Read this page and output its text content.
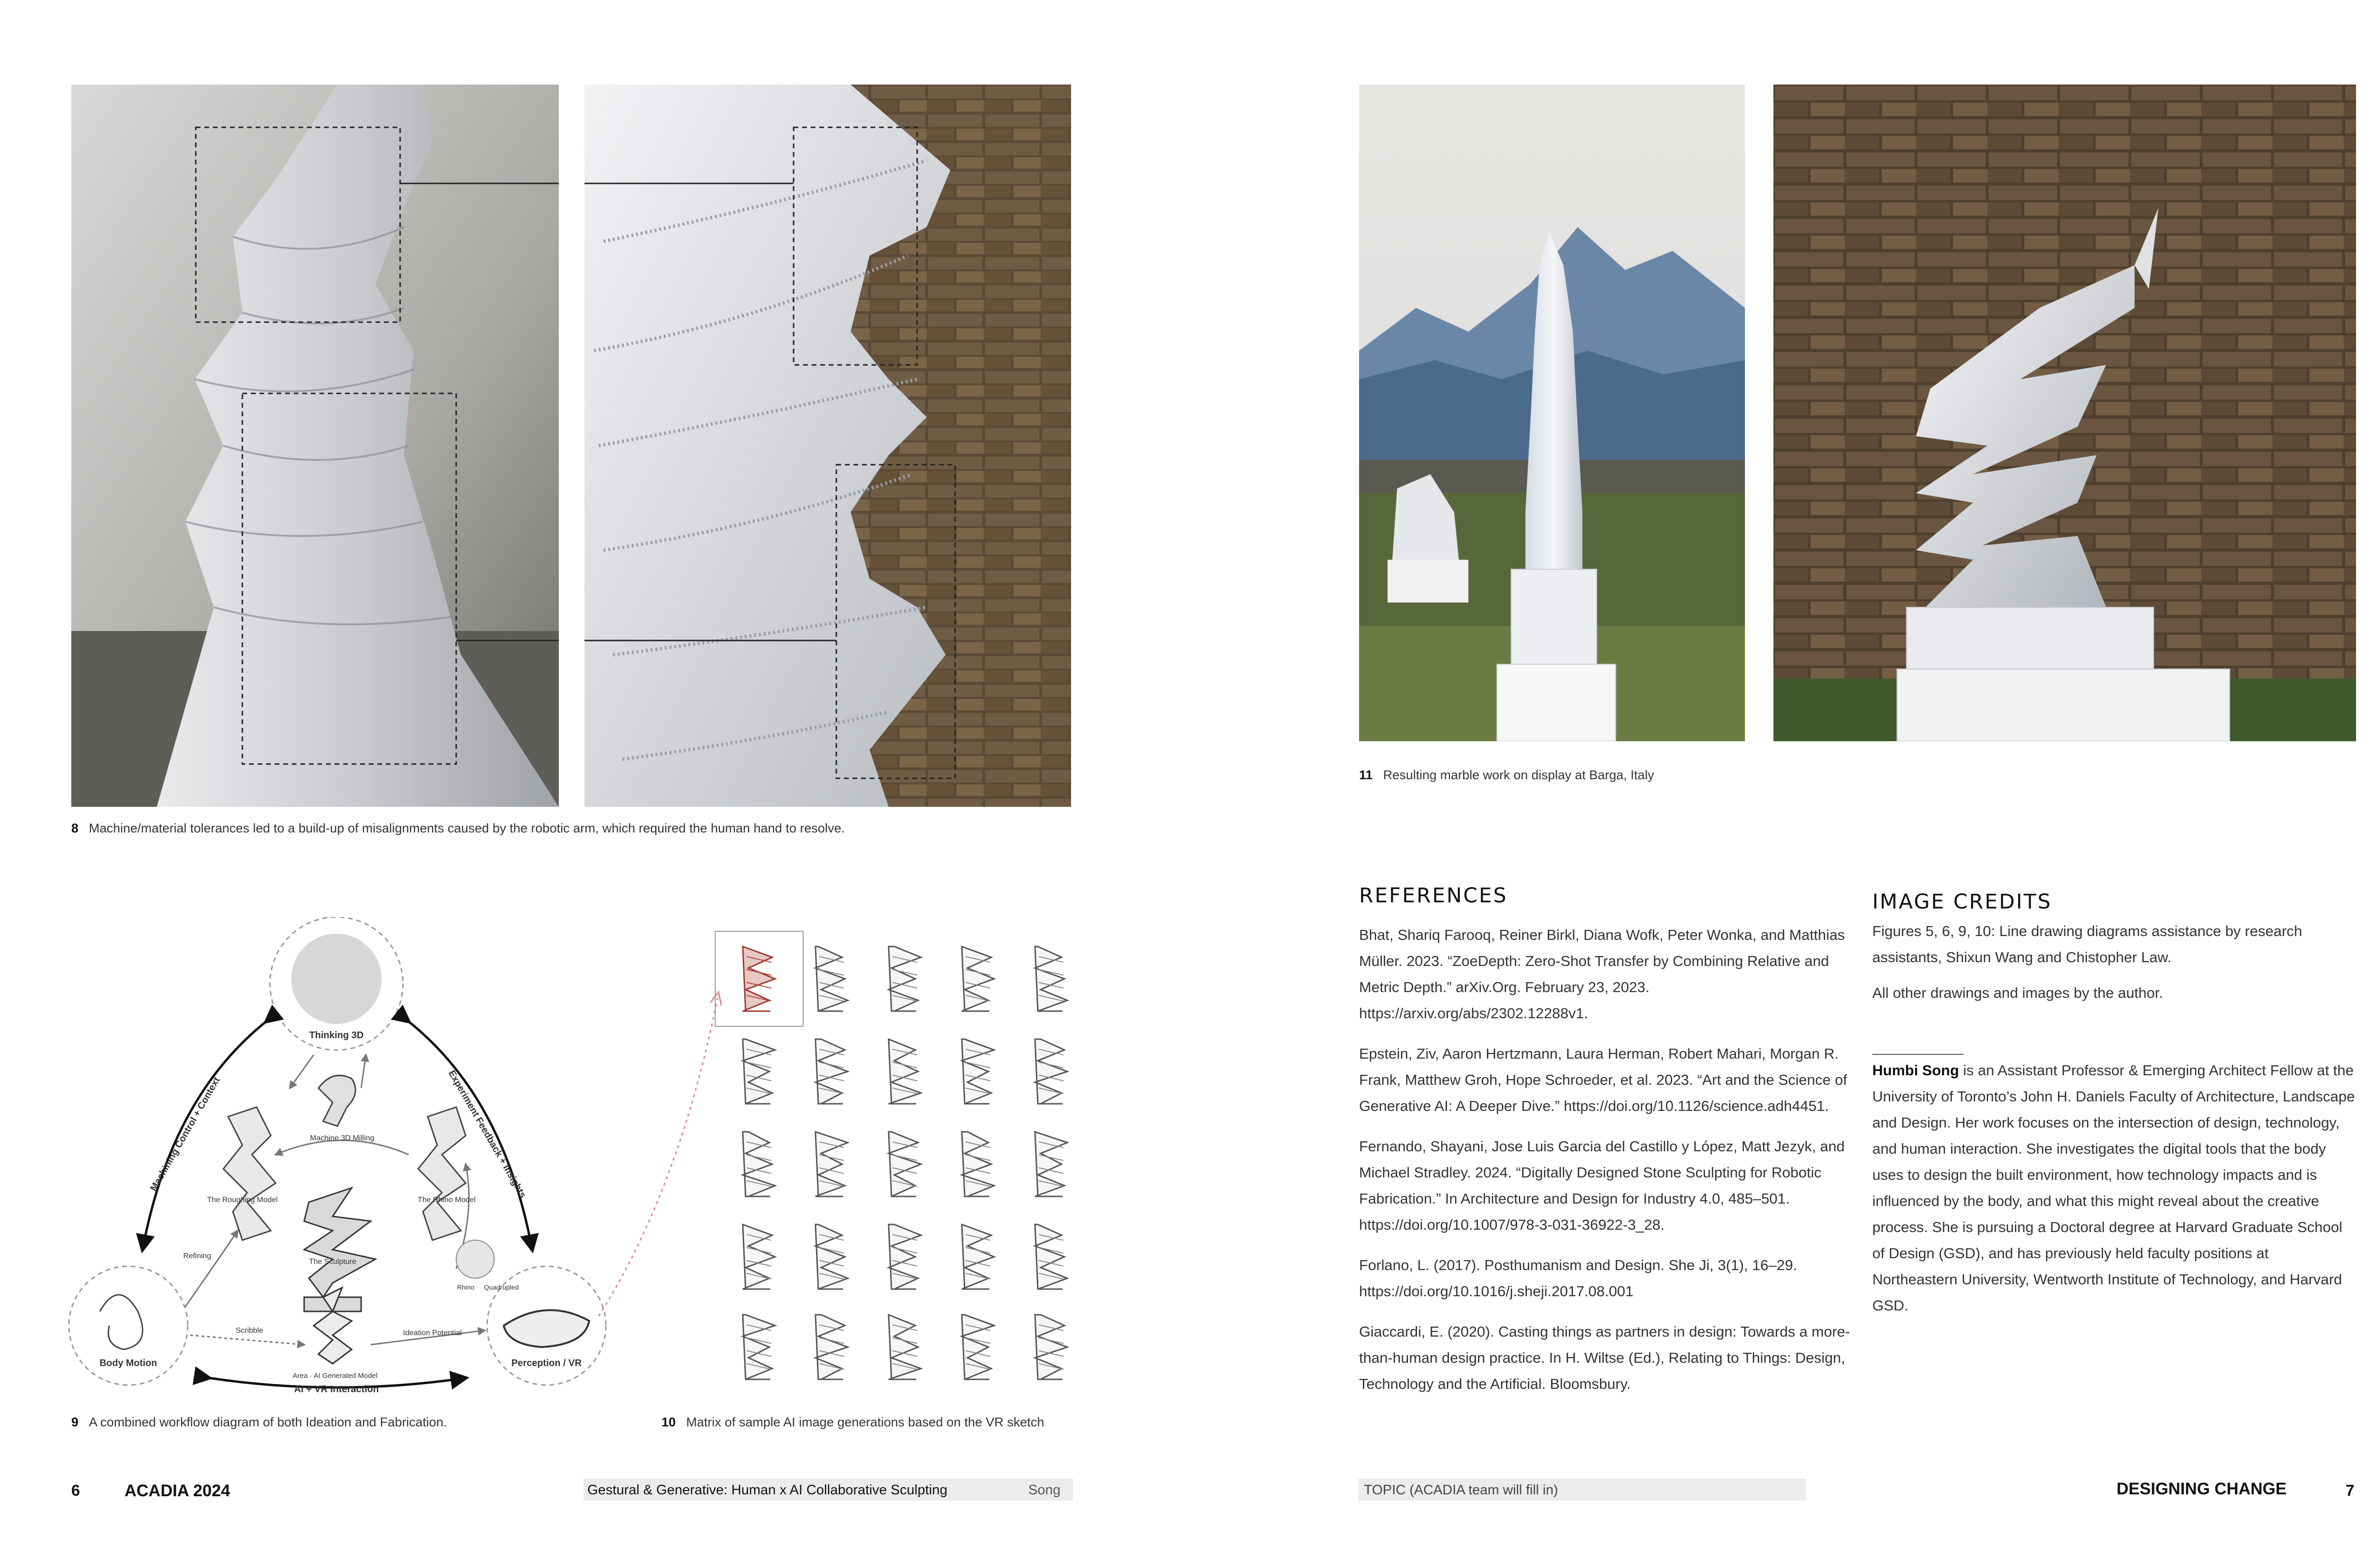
8 Machine/material tolerances led to a build-up of misalignments caused by the robotic arm, which required the human hand to resolve.
Thinking 3D
Body Motion	Perception / VR
AI + VR Interaction
Machining Control + Context	Experiment Feedback + Insights
Machine 3D Milling
The Roughing Model	The Rhino Model
The Sculpture
Area · AI Generated Model
Refining
Scribble	Ideation Potential
Rhino Quadrupled
9 A combined workflow diagram of both Ideation and Fabrication.	10 Matrix of sample AI image generations based on the VR sketch
11 Resulting marble work on display at Barga, Italy
REFERENCES

Bhat, Shariq Farooq, Reiner Birkl, Diana Wofk, Peter Wonka, and Matthias Müller. 2023. “ZoeDepth: Zero-Shot Transfer by Combining Relative and Metric Depth.” arXiv.Org. February 23, 2023. https://arxiv.org/abs/2302.12288v1.

Epstein, Ziv, Aaron Hertzmann, Laura Herman, Robert Mahari, Morgan R. Frank, Matthew Groh, Hope Schroeder, et al. 2023. “Art and the Science of Generative AI: A Deeper Dive.” https://doi.org/10.1126/science.adh4451.

Fernando, Shayani, Jose Luis Garcia del Castillo y López, Matt Jezyk, and Michael Stradley. 2024. “Digitally Designed Stone Sculpting for Robotic Fabrication.” In Architecture and Design for Industry 4.0, 485–501. https://doi.org/10.1007/978-3-031-36922-3_28.

Forlano, L. (2017). Posthumanism and Design. She Ji, 3(1), 16–29. https://doi.org/10.1016/j.sheji.2017.08.001

Giaccardi, E. (2020). Casting things as partners in design: Towards a more-than-human design practice. In H. Wiltse (Ed.), Relating to Things: Design, Technology and the Artificial. Bloomsbury.

IMAGE CREDITS

Figures 5, 6, 9, 10: Line drawing diagrams assistance by research assistants, Shixun Wang and Chistopher Law.

All other drawings and images by the author.

Humbi Song is an Assistant Professor & Emerging Architect Fellow at the University of Toronto’s John H. Daniels Faculty of Architecture, Landscape and Design. Her work focuses on the intersection of design, technology, and human interaction. She investigates the digital tools that the body uses to design the built environment, how technology impacts and is influenced by the body, and what this might reveal about the creative process. She is pursuing a Doctoral degree at Harvard Graduate School of Design (GSD), and has previously held faculty positions at Northeastern University, Wentworth Institute of Technology, and Harvard GSD.

6	ACADIA 2024	Gestural & Generative: Human x AI Collaborative Sculpting	Song	TOPIC (ACADIA team will fill in)	DESIGNING CHANGE	7
